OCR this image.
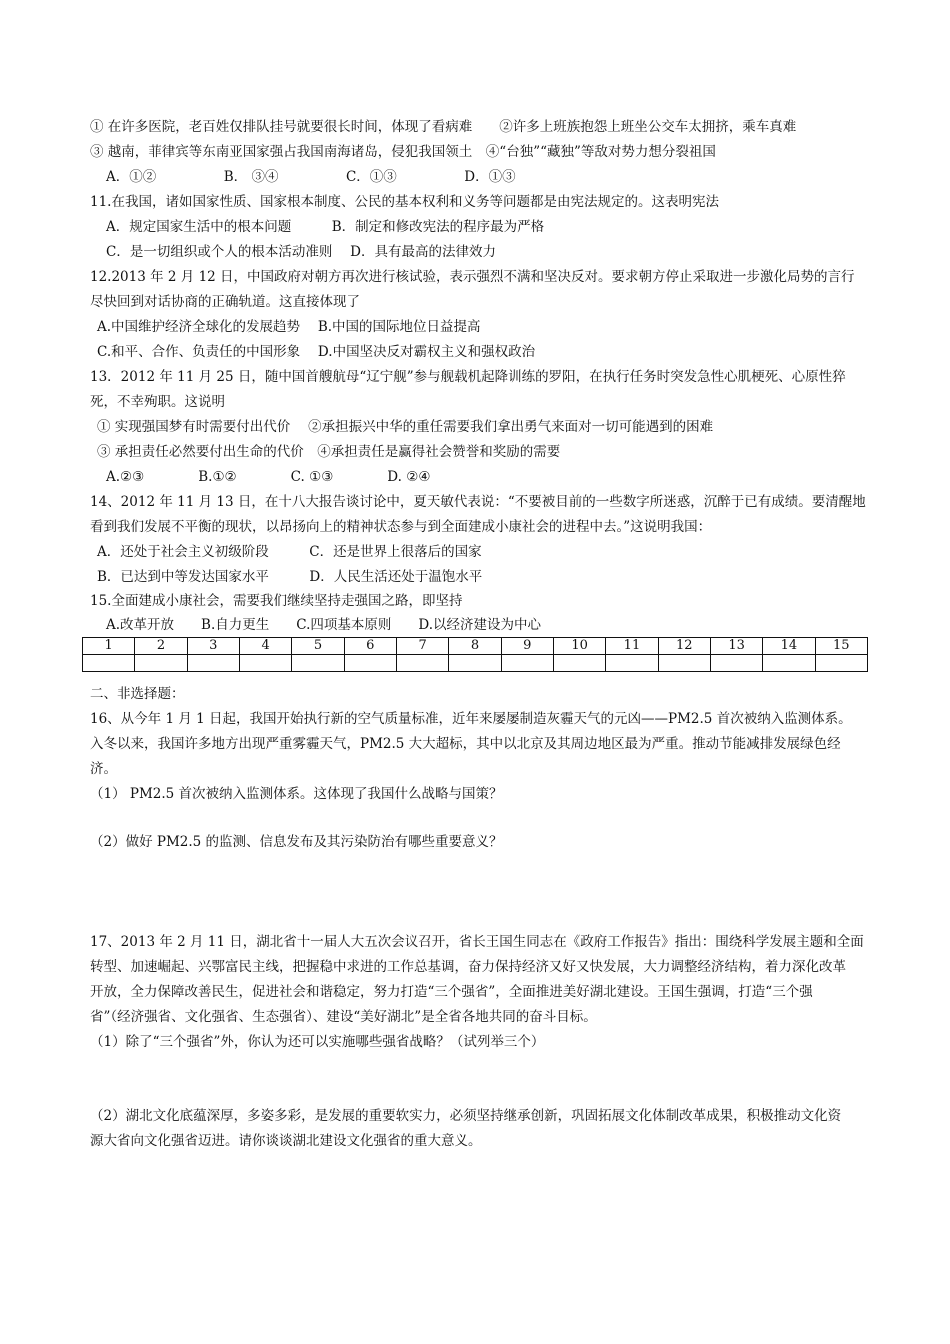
① 在许多医院，老百姓仅排队挂号就要很长时间，体现了看病难　　②许多上班族抱怨上班坐公交车太拥挤，乘车真难
③ 越南，菲律宾等东南亚国家强占我国南海诸岛，侵犯我国领土　④“台独”“藏独”等敌对势力想分裂祖国
A．①②　　　　　B． ③④　　　　　C．①③　　　　　D．①③
11.在我国，诸如国家性质、国家根本制度、公民的基本权利和义务等问题都是由宪法规定的。这表明宪法
A．规定国家生活中的根本问题　　　B．制定和修改宪法的程序最为严格
C．是一切组织或个人的根本活动准则　 D．具有最高的法律效力
12.2013 年 2 月 12 日，中国政府对朝方再次进行核试验，表示强烈不满和坚决反对。要求朝方停止采取进一步激化局势的言行
尽快回到对话协商的正确轨道。这直接体现了
A.中国维护经济全球化的发展趋势　 B.中国的国际地位日益提高
C.和平、合作、负责任的中国形象　 D.中国坚决反对霸权主义和强权政治
13．2012 年 11 月 25 日，随中国首艘航母“辽宁舰”参与舰载机起降训练的罗阳，在执行任务时突发急性心肌梗死、心原性猝
死，不幸殉职。这说明
① 实现强国梦有时需要付出代价　 ②承担振兴中华的重任需要我们拿出勇气来面对一切可能遇到的困难
③ 承担责任必然要付出生命的代价　④承担责任是赢得社会赞誉和奖励的需要
A.②③　　　　B.①②　　　　C. ①③　　　　D. ②④
14、2012 年 11 月 13 日，在十八大报告谈讨论中，夏天敏代表说：“不要被目前的一些数字所迷惑，沉醉于已有成绩。要清醒地
看到我们发展不平衡的现状，以昂扬向上的精神状态参与到全面建成小康社会的进程中去。”这说明我国：
A．还处于社会主义初级阶段　　　C．还是世界上很落后的国家
B．已达到中等发达国家水平　　　D．人民生活还处于温饱水平
15.全面建成小康社会，需要我们继续坚持走强国之路，即坚持
A.改革开放　　B.自力更生　　C.四项基本原则　　D.以经济建设为中心
1	2	3	4	5	6	7	8	9	10	11	12	13	14	15

二、非选择题：
16、从今年 1 月 1 日起，我国开始执行新的空气质量标准，近年来屡屡制造灰霾天气的元凶——PM2.5 首次被纳入监测体系。
入冬以来，我国许多地方出现严重雾霾天气，PM2.5 大大超标，其中以北京及其周边地区最为严重。推动节能减排发展绿色经
济。
（1） PM2.5 首次被纳入监测体系。这体现了我国什么战略与国策？
（2）做好 PM2.5 的监测、信息发布及其污染防治有哪些重要意义？
17、2013 年 2 月 11 日，湖北省十一届人大五次会议召开，省长王国生同志在《政府工作报告》指出：围绕科学发展主题和全面
转型、加速崛起、兴鄂富民主线，把握稳中求进的工作总基调，奋力保持经济又好又快发展，大力调整经济结构，着力深化改革
开放，全力保障改善民生，促进社会和谐稳定，努力打造“三个强省”，全面推进美好湖北建设。王国生强调，打造“三个强
省”（经济强省、文化强省、生态强省）、建设“美好湖北”是全省各地共同的奋斗目标。
（1）除了“三个强省”外，你认为还可以实施哪些强省战略？（试列举三个）
（2）湖北文化底蕴深厚，多姿多彩，是发展的重要软实力，必须坚持继承创新，巩固拓展文化体制改革成果，积极推动文化资
源大省向文化强省迈进。请你谈谈湖北建设文化强省的重大意义。
